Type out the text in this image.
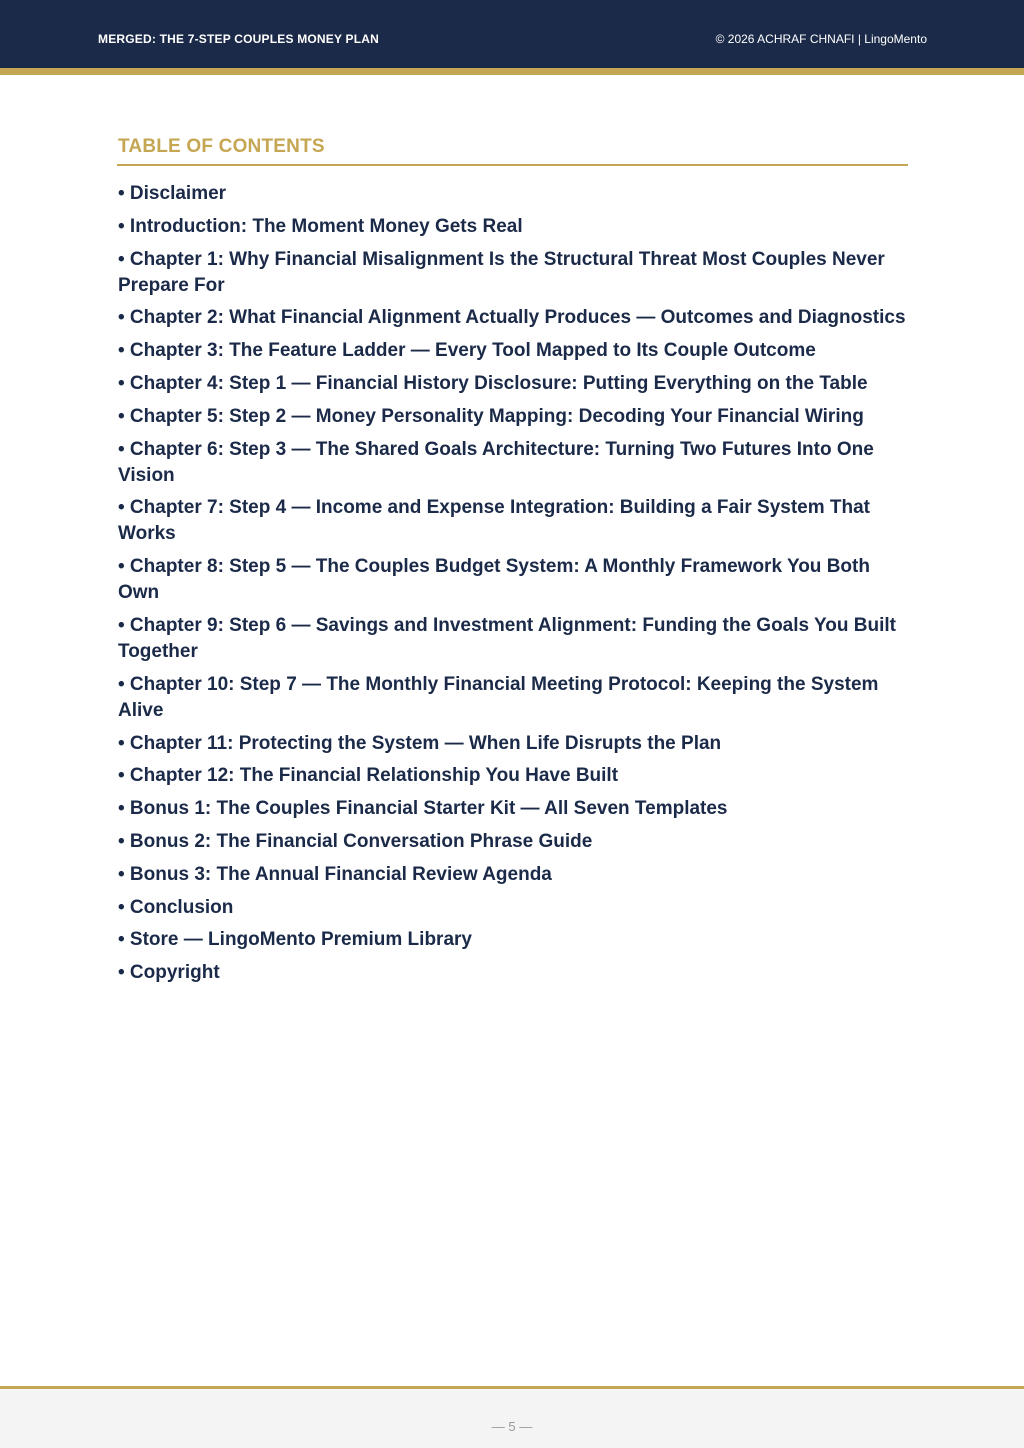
MERGED: THE 7-STEP COUPLES MONEY PLAN	© 2026 ACHRAF CHNAFI | LingoMento
TABLE OF CONTENTS
• Disclaimer
• Introduction: The Moment Money Gets Real
• Chapter 1: Why Financial Misalignment Is the Structural Threat Most Couples Never Prepare For
• Chapter 2: What Financial Alignment Actually Produces — Outcomes and Diagnostics
• Chapter 3: The Feature Ladder — Every Tool Mapped to Its Couple Outcome
• Chapter 4: Step 1 — Financial History Disclosure: Putting Everything on the Table
• Chapter 5: Step 2 — Money Personality Mapping: Decoding Your Financial Wiring
• Chapter 6: Step 3 — The Shared Goals Architecture: Turning Two Futures Into One Vision
• Chapter 7: Step 4 — Income and Expense Integration: Building a Fair System That Works
• Chapter 8: Step 5 — The Couples Budget System: A Monthly Framework You Both Own
• Chapter 9: Step 6 — Savings and Investment Alignment: Funding the Goals You Built Together
• Chapter 10: Step 7 — The Monthly Financial Meeting Protocol: Keeping the System Alive
• Chapter 11: Protecting the System — When Life Disrupts the Plan
• Chapter 12: The Financial Relationship You Have Built
• Bonus 1: The Couples Financial Starter Kit — All Seven Templates
• Bonus 2: The Financial Conversation Phrase Guide
• Bonus 3: The Annual Financial Review Agenda
• Conclusion
• Store — LingoMento Premium Library
• Copyright
— 5 —
